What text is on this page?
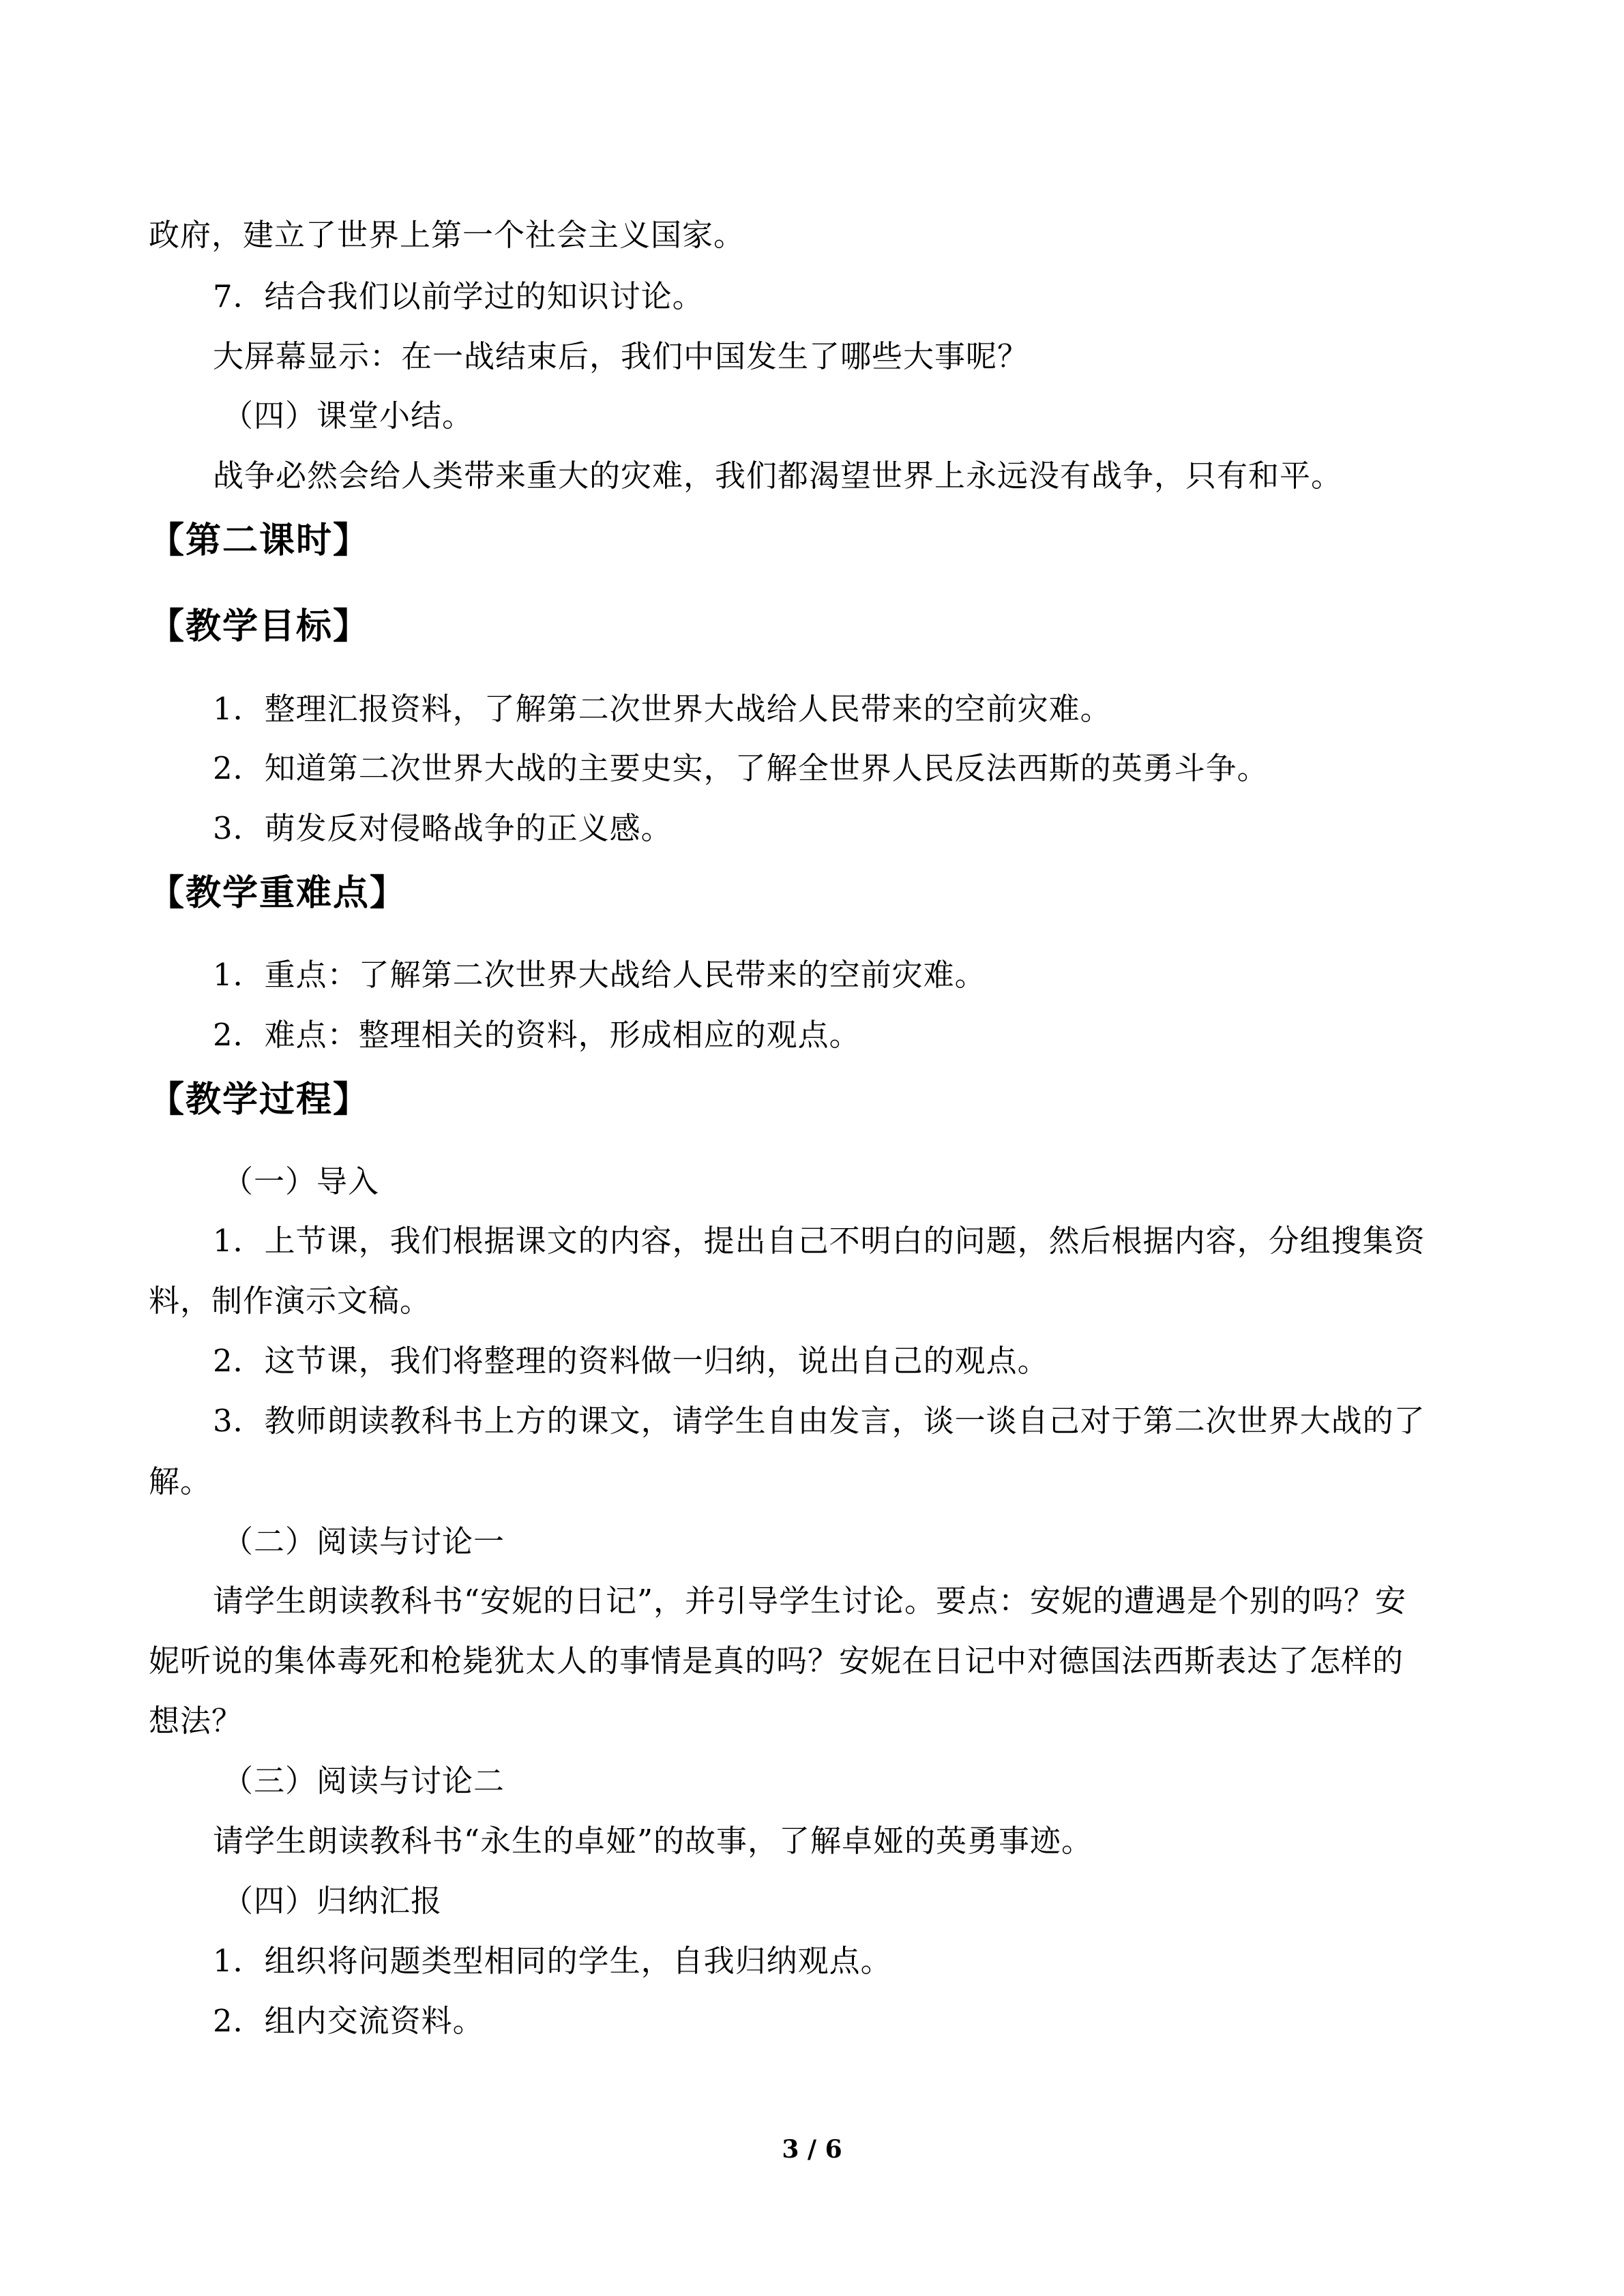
政府，建立了世界上第一个社会主义国家。
7．结合我们以前学过的知识讨论。
大屏幕显示：在一战结束后，我们中国发生了哪些大事呢？
（四）课堂小结。
战争必然会给人类带来重大的灾难，我们都渴望世界上永远没有战争，只有和平。
【第二课时】
【教学目标】
1．整理汇报资料，了解第二次世界大战给人民带来的空前灾难。
2．知道第二次世界大战的主要史实，了解全世界人民反法西斯的英勇斗争。
3．萌发反对侵略战争的正义感。
【教学重难点】
1．重点：了解第二次世界大战给人民带来的空前灾难。
2．难点：整理相关的资料，形成相应的观点。
【教学过程】
（一）导入
1．上节课，我们根据课文的内容，提出自己不明白的问题，然后根据内容，分组搜集资
料，制作演示文稿。
2．这节课，我们将整理的资料做一归纳，说出自己的观点。
3．教师朗读教科书上方的课文，请学生自由发言，谈一谈自己对于第二次世界大战的了
解。
（二）阅读与讨论一
请学生朗读教科书“安妮的日记”，并引导学生讨论。要点：安妮的遭遇是个别的吗？安
妮听说的集体毒死和枪毙犹太人的事情是真的吗？安妮在日记中对德国法西斯表达了怎样的
想法？
（三）阅读与讨论二
请学生朗读教科书“永生的卓娅”的故事，了解卓娅的英勇事迹。
（四）归纳汇报
1．组织将问题类型相同的学生，自我归纳观点。
2．组内交流资料。
3 / 6
